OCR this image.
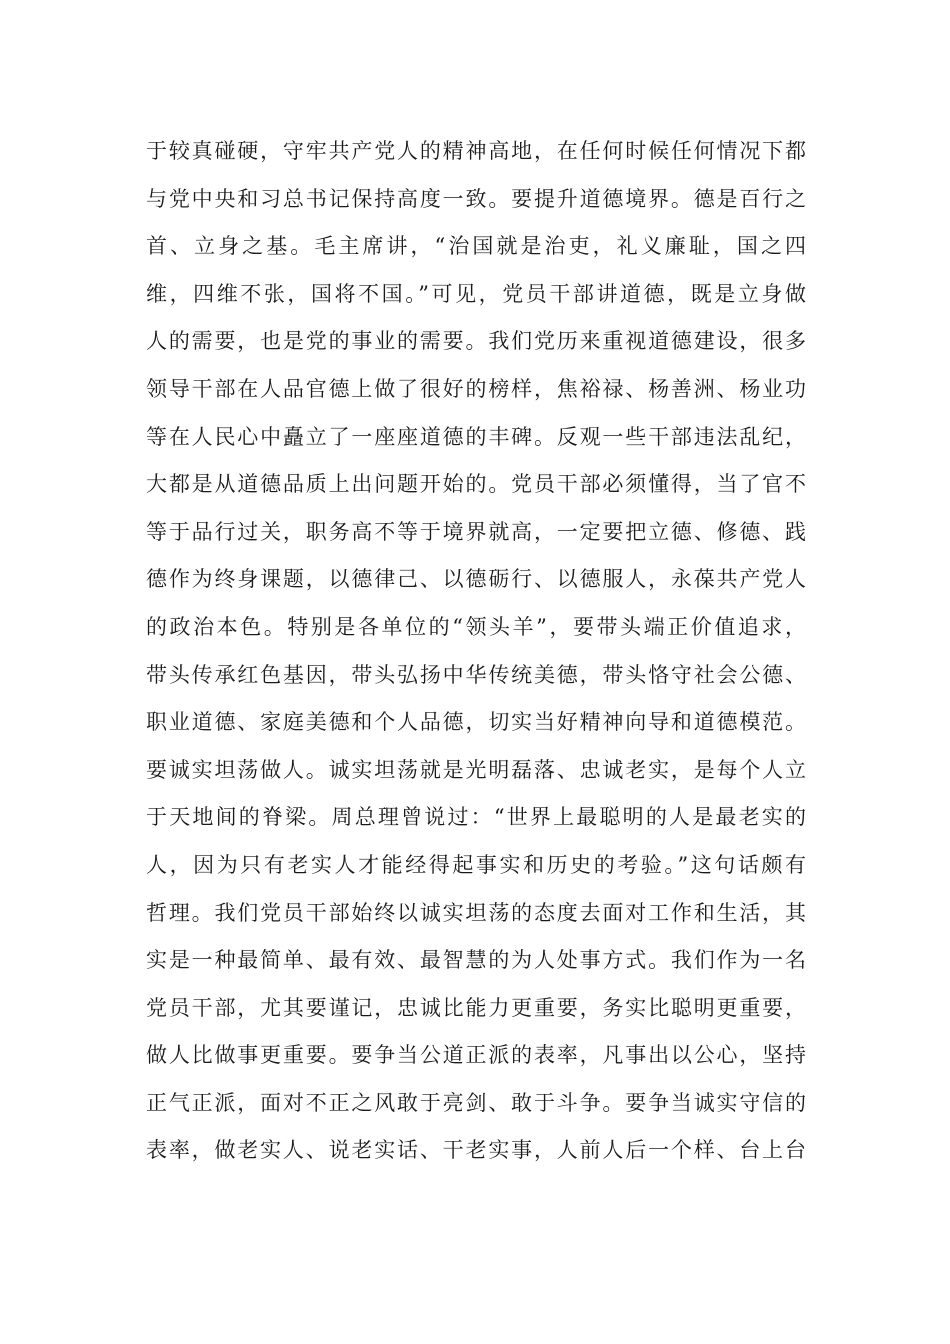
于较真碰硬，守牢共产党人的精神高地，在任何时候任何情况下都
与党中央和习总书记保持高度一致。要提升道德境界。德是百行之
首、立身之基。毛主席讲，“治国就是治吏，礼义廉耻，国之四
维，四维不张，国将不国。”可见，党员干部讲道德，既是立身做
人的需要，也是党的事业的需要。我们党历来重视道德建设，很多
领导干部在人品官德上做了很好的榜样，焦裕禄、杨善洲、杨业功
等在人民心中矗立了一座座道德的丰碑。反观一些干部违法乱纪，
大都是从道德品质上出问题开始的。党员干部必须懂得，当了官不
等于品行过关，职务高不等于境界就高，一定要把立德、修德、践
德作为终身课题，以德律己、以德砺行、以德服人，永葆共产党人
的政治本色。特别是各单位的“领头羊”，要带头端正价值追求，
带头传承红色基因，带头弘扬中华传统美德，带头恪守社会公德、
职业道德、家庭美德和个人品德，切实当好精神向导和道德模范。
要诚实坦荡做人。诚实坦荡就是光明磊落、忠诚老实，是每个人立
于天地间的脊梁。周总理曾说过：“世界上最聪明的人是最老实的
人，因为只有老实人才能经得起事实和历史的考验。”这句话颇有
哲理。我们党员干部始终以诚实坦荡的态度去面对工作和生活，其
实是一种最简单、最有效、最智慧的为人处事方式。我们作为一名
党员干部，尤其要谨记，忠诚比能力更重要，务实比聪明更重要，
做人比做事更重要。要争当公道正派的表率，凡事出以公心，坚持
正气正派，面对不正之风敢于亮剑、敢于斗争。要争当诚实守信的
表率，做老实人、说老实话、干老实事，人前人后一个样、台上台
